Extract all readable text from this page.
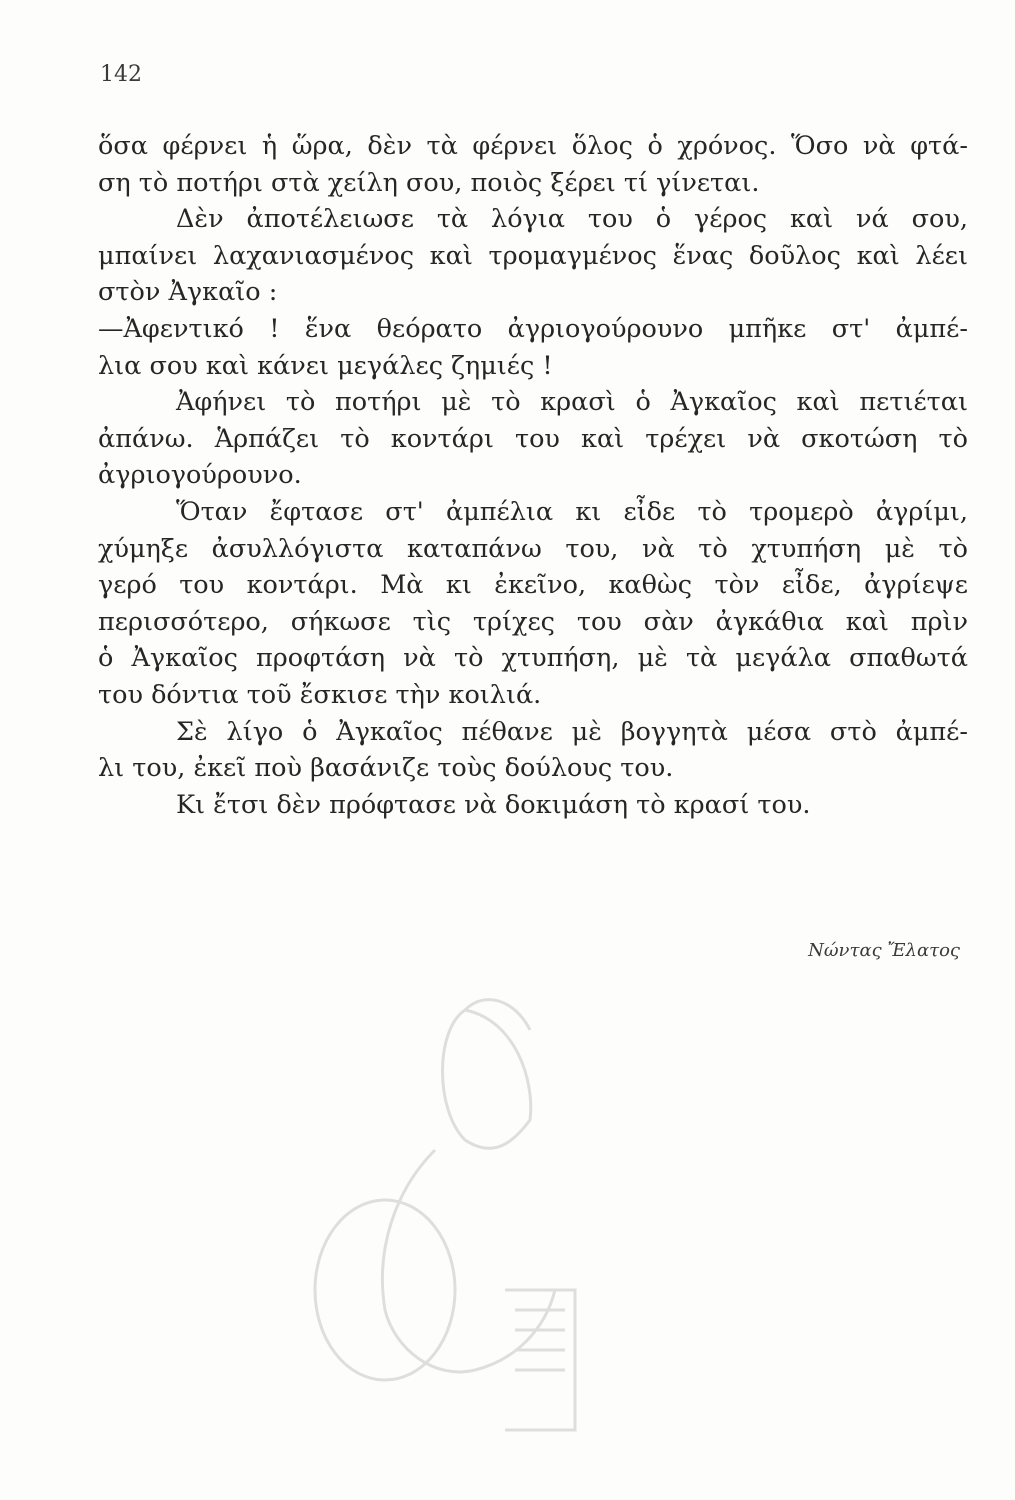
142
ὅσα φέρνει ἡ ὥρα, δὲν τὰ φέρνει ὅλος ὁ χρόνος. Ὅσο νὰ φτά-
ση τὸ ποτήρι στὰ χείλη σου, ποιὸς ξέρει τί γίνεται.
Δὲν ἀποτέλειωσε τὰ λόγια του ὁ γέρος καὶ νά σου,
μπαίνει λαχανιασμένος καὶ τρομαγμένος ἕνας δοῦλος καὶ λέει
στὸν Ἀγκαῖο :
—Ἀφεντικό ! ἕνα θεόρατο ἀγριογούρουνο μπῆκε στ' ἀμπέ-
λια σου καὶ κάνει μεγάλες ζημιές !
Ἀφήνει τὸ ποτήρι μὲ τὸ κρασὶ ὁ Ἀγκαῖος καὶ πετιέται
ἀπάνω. Ἁρπάζει τὸ κοντάρι του καὶ τρέχει νὰ σκοτώση τὸ
ἀγριογούρουνο.
Ὅταν ἔφτασε στ' ἀμπέλια κι εἶδε τὸ τρομερὸ ἀγρίμι,
χύμηξε ἀσυλλόγιστα καταπάνω του, νὰ τὸ χτυπήση μὲ τὸ
γερό του κοντάρι. Μὰ κι ἐκεῖνο, καθὼς τὸν εἶδε, ἀγρίεψε
περισσότερο, σήκωσε τὶς τρίχες του σὰν ἀγκάθια καὶ πρὶν
ὁ Ἀγκαῖος προφτάση νὰ τὸ χτυπήση, μὲ τὰ μεγάλα σπαθωτά
του δόντια τοῦ ἔσκισε τὴν κοιλιά.
Σὲ λίγο ὁ Ἀγκαῖος πέθανε μὲ βογγητὰ μέσα στὸ ἀμπέ-
λι του, ἐκεῖ ποὺ βασάνιζε τοὺς δούλους του.
Κι ἔτσι δὲν πρόφτασε νὰ δοκιμάση τὸ κρασί του.
Νώντας Ἔλατος
